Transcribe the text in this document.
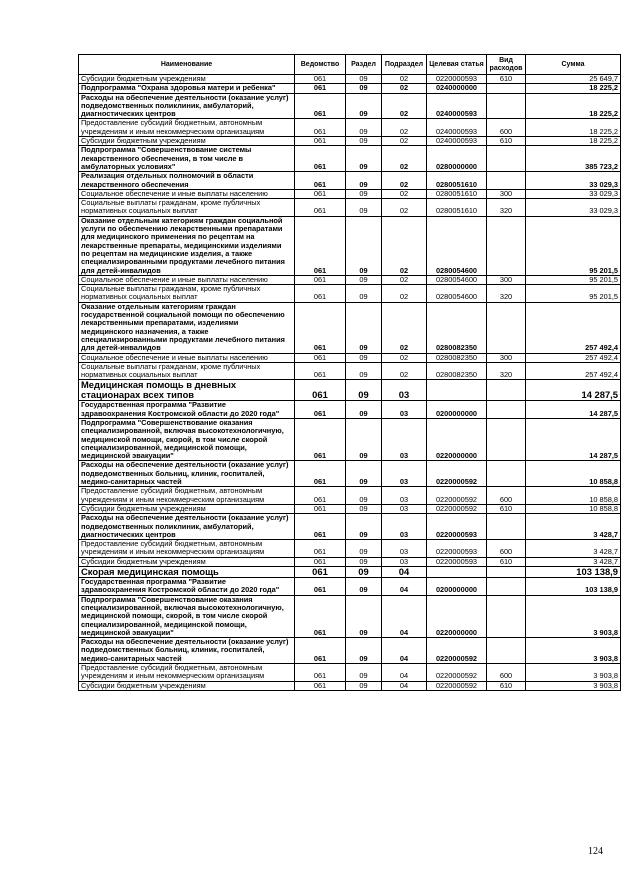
Наименование	Ведомство	Раздел	Подраздел	Целевая статья	Вид расходов	Сумма
Субсидии бюджетным учреждениям	061	09	02	0220000593	610	25 649,7
Подпрограмма "Охрана здоровья матери и ребенка"	061	09	02	0240000000		18 225,2
Расходы на обеспечение деятельности (оказание услуг) подведомственных поликлиник, амбулаторий, диагностических центров	061	09	02	0240000593		18 225,2
Предоставление субсидий бюджетным, автономным учреждениям и иным некоммерческим организациям	061	09	02	0240000593	600	18 225,2
Субсидии бюджетным учреждениям	061	09	02	0240000593	610	18 225,2
Подпрограмма "Совершенствование системы лекарственного обеспечения, в том числе в амбулаторных условиях"	061	09	02	0280000000		385 723,2
Реализация отдельных полномочий в области лекарственного обеспечения	061	09	02	0280051610		33 029,3
Социальное обеспечение и иные выплаты населению	061	09	02	0280051610	300	33 029,3
Социальные выплаты гражданам, кроме публичных нормативных социальных выплат	061	09	02	0280051610	320	33 029,3
Оказание отдельным категориям граждан социальной услуги по обеспечению лекарственными препаратами для медицинского применения по рецептам на лекарственные препараты, медицинскими изделиями по рецептам на медицинские изделия, а также специализированными продуктами лечебного питания для детей-инвалидов	061	09	02	0280054600		95 201,5
Социальное обеспечение и иные выплаты населению	061	09	02	0280054600	300	95 201,5
Социальные выплаты гражданам, кроме публичных нормативных социальных выплат	061	09	02	0280054600	320	95 201,5
Оказание отдельным категориям граждан государственной социальной помощи по обеспечению лекарственными препаратами, изделиями медицинского назначения, а также специализированными продуктами лечебного питания для детей-инвалидов	061	09	02	0280082350		257 492,4
Социальное обеспечение и иные выплаты населению	061	09	02	0280082350	300	257 492,4
Социальные выплаты гражданам, кроме публичных нормативных социальных выплат	061	09	02	0280082350	320	257 492,4
Медицинская помощь в дневных стационарах всех типов	061	09	03			14 287,5
Государственная программа "Развитие здравоохранения Костромской области до 2020 года"	061	09	03	0200000000		14 287,5
Подпрограмма "Совершенствование оказания специализированной, включая высокотехнологичную, медицинской помощи, скорой, в том числе скорой специализированной, медицинской помощи, медицинской эвакуации"	061	09	03	0220000000		14 287,5
Расходы на обеспечение деятельности (оказание услуг) подведомственных больниц, клиник, госпиталей, медико-санитарных частей	061	09	03	0220000592		10 858,8
Предоставление субсидий бюджетным, автономным учреждениям и иным некоммерческим организациям	061	09	03	0220000592	600	10 858,8
Субсидии бюджетным учреждениям	061	09	03	0220000592	610	10 858,8
Расходы на обеспечение деятельности (оказание услуг) подведомственных поликлиник, амбулаторий, диагностических центров	061	09	03	0220000593		3 428,7
Предоставление субсидий бюджетным, автономным учреждениям и иным некоммерческим организациям	061	09	03	0220000593	600	3 428,7
Субсидии бюджетным учреждениям	061	09	03	0220000593	610	3 428,7
Скорая медицинская помощь	061	09	04			103 138,9
Государственная программа "Развитие здравоохранения Костромской области до 2020 года"	061	09	04	0200000000		103 138,9
Подпрограмма "Совершенствование оказания специализированной, включая высокотехнологичную, медицинской помощи, скорой, в том числе скорой специализированной, медицинской помощи, медицинской эвакуации"	061	09	04	0220000000		3 903,8
Расходы на обеспечение деятельности (оказание услуг) подведомственных больниц, клиник, госпиталей, медико-санитарных частей	061	09	04	0220000592		3 903,8
Предоставление субсидий бюджетным, автономным учреждениям и иным некоммерческим организациям	061	09	04	0220000592	600	3 903,8
Субсидии бюджетным учреждениям	061	09	04	0220000592	610	3 903,8
124
